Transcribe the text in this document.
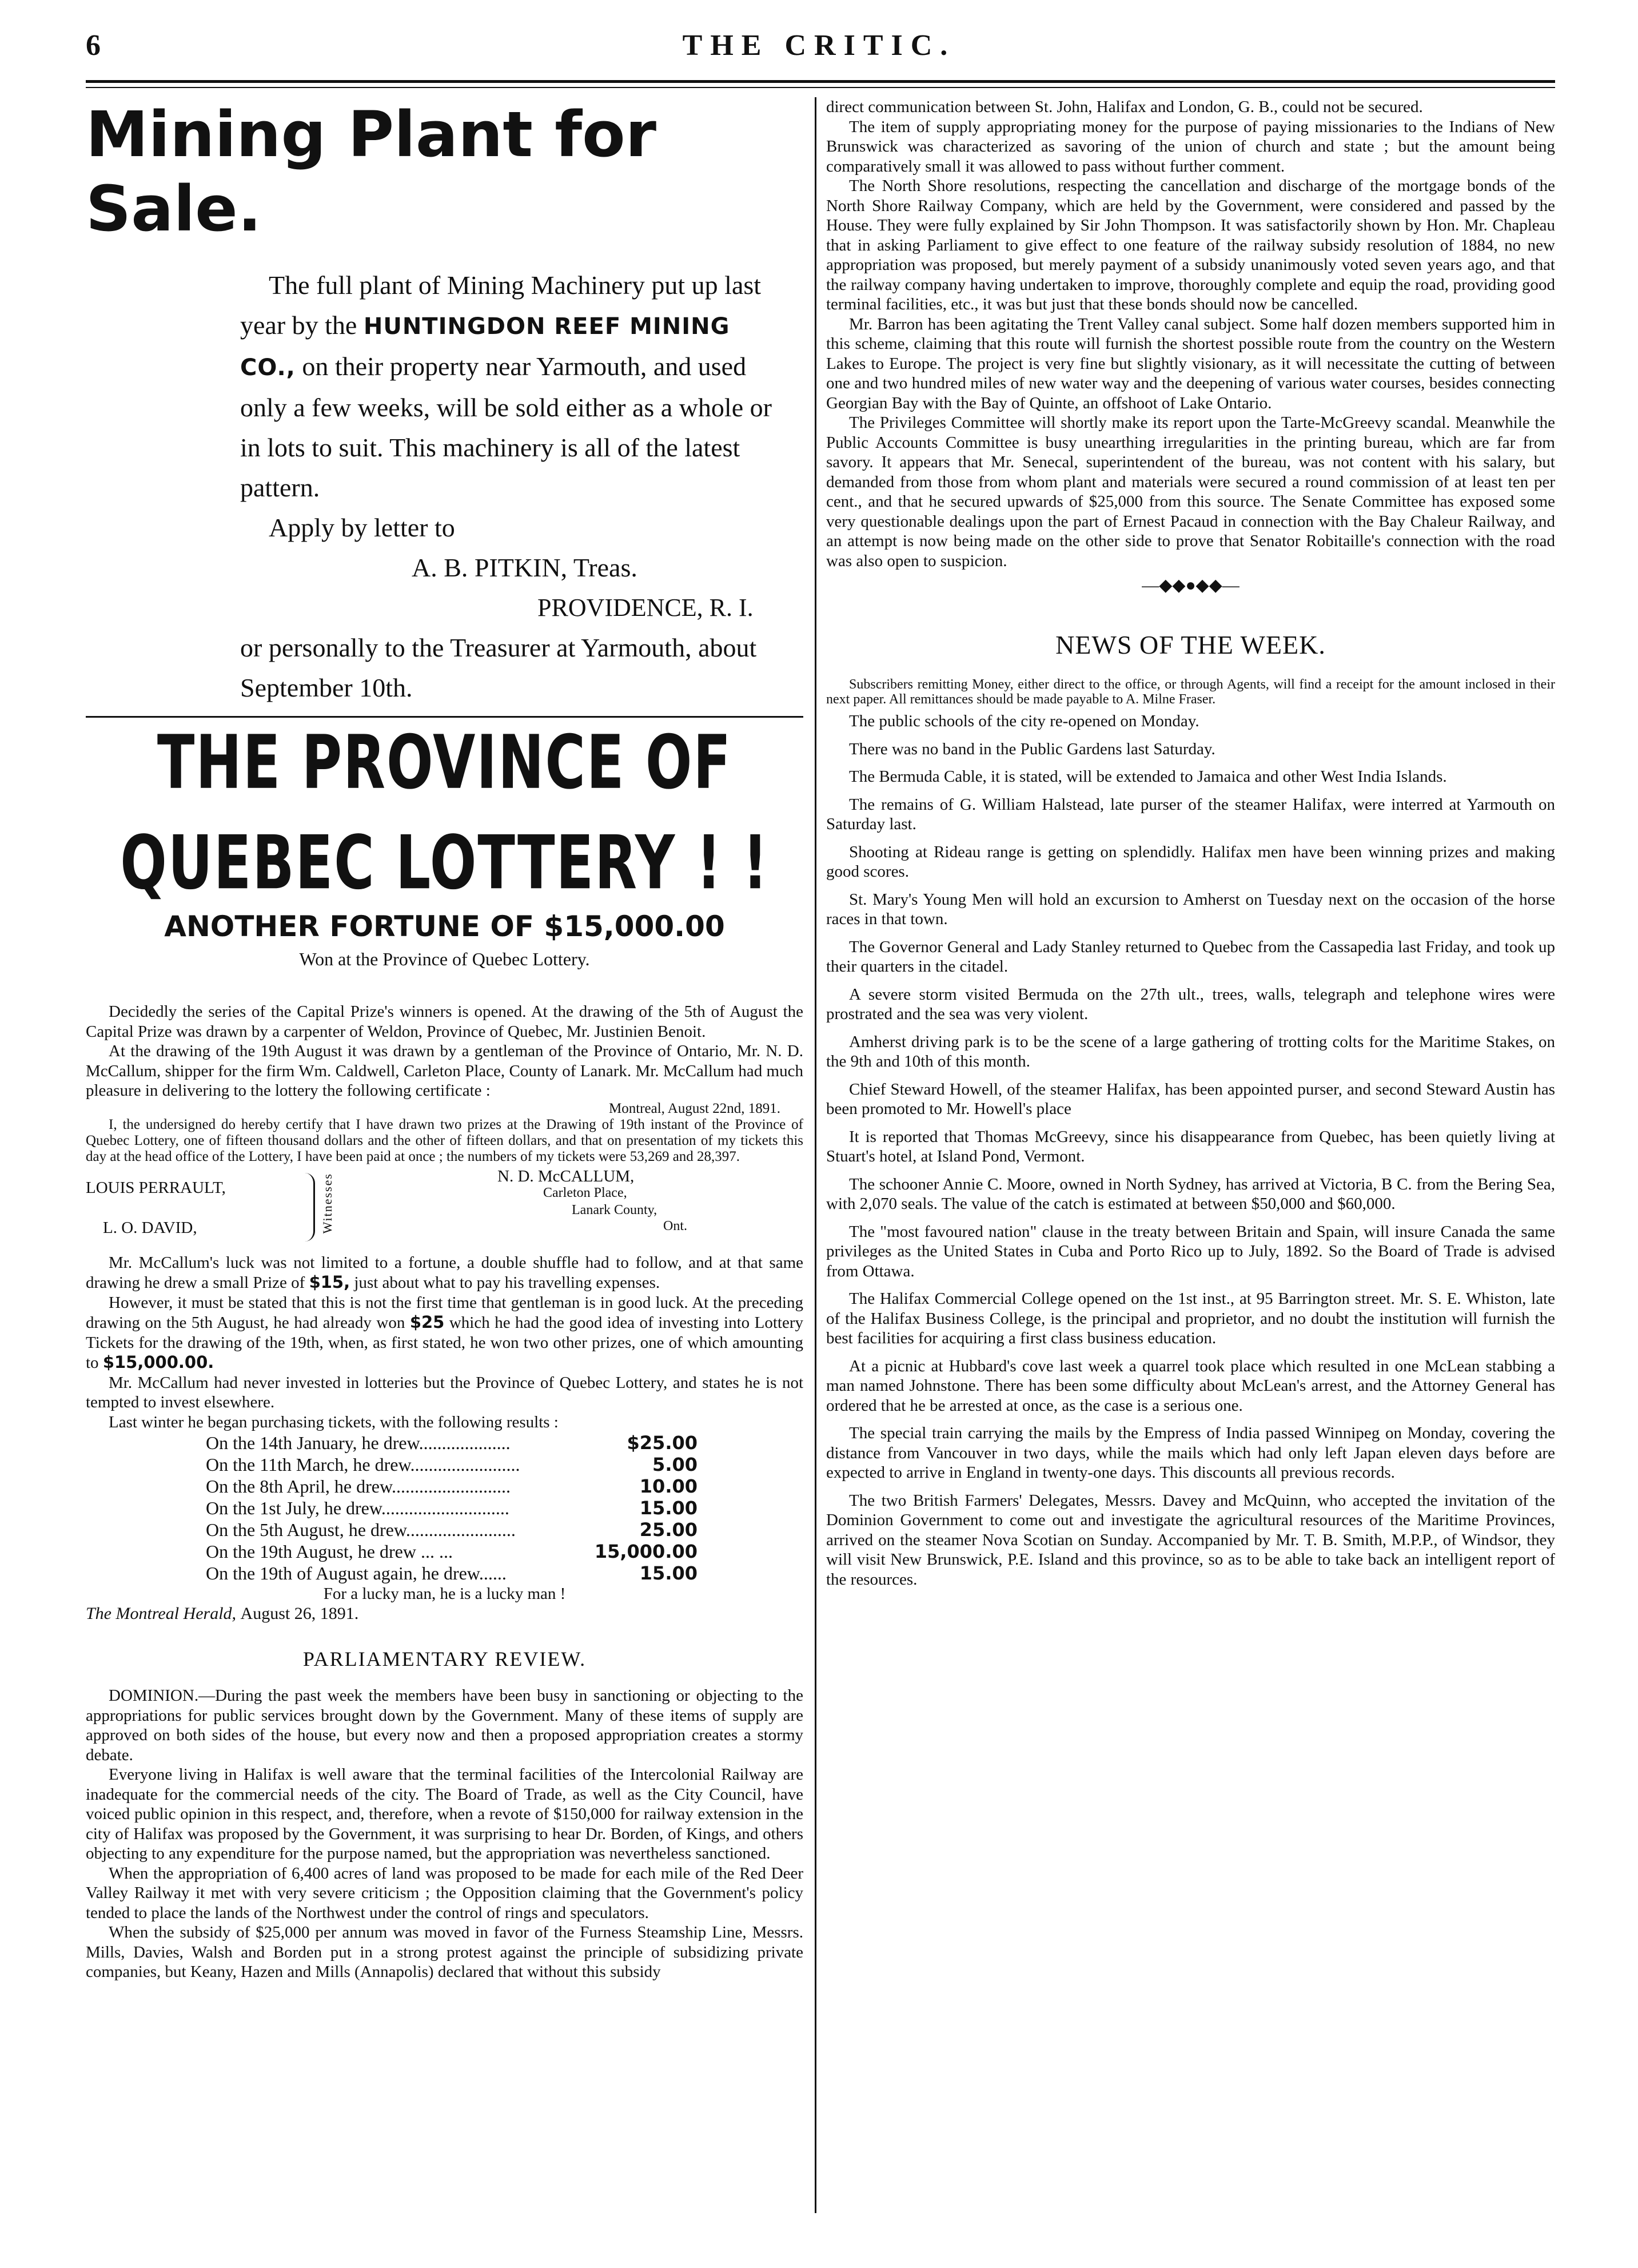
6	THE CRITIC.

Mining Plant for Sale.

The full plant of Mining Machinery put up last year by the HUNTINGDON REEF MINING CO., on their property near Yarmouth, and used only a few weeks, will be sold either as a whole or in lots to suit. This machinery is all of the latest pattern.

Apply by letter to

A. B. PITKIN, Treas.

PROVIDENCE, R. I.

or personally to the Treasurer at Yarmouth, about September 10th.

THE PROVINCE OF QUEBEC LOTTERY ! !

ANOTHER FORTUNE OF $15,000.00

Won at the Province of Quebec Lottery.

Decidedly the series of the Capital Prize's winners is opened. At the drawing of the 5th of August the Capital Prize was drawn by a carpenter of Weldon, Province of Quebec, Mr. Justinien Benoit.

At the drawing of the 19th August it was drawn by a gentleman of the Province of Ontario, Mr. N. D. McCallum, shipper for the firm Wm. Caldwell, Carleton Place, County of Lanark. Mr. McCallum had much pleasure in delivering to the lottery the following certificate :

Montreal, August 22nd, 1891.

I, the undersigned do hereby certify that I have drawn two prizes at the Drawing of 19th instant of the Province of Quebec Lottery, one of fifteen thousand dollars and the other of fifteen dollars, and that on presentation of my tickets this day at the head office of the Lottery, I have been paid at once ; the numbers of my tickets were 53,269 and 28,397.

LOUIS PERRAULT,
L. O. DAVID,	Witnesses	N. D. McCALLUM,
Carleton Place,
Lanark County,
Ont.

Mr. McCallum's luck was not limited to a fortune, a double shuffle had to follow, and at that same drawing he drew a small Prize of $15, just about what to pay his travelling expenses.

However, it must be stated that this is not the first time that gentleman is in good luck. At the preceding drawing on the 5th August, he had already won $25 which he had the good idea of investing into Lottery Tickets for the drawing of the 19th, when, as first stated, he won two other prizes, one of which amounting to $15,000.00.

Mr. McCallum had never invested in lotteries but the Province of Quebec Lottery, and states he is not tempted to invest elsewhere.

Last winter he began purchasing tickets, with the following results :

On the 14th January, he drew....................	$25.00
On the 11th March, he drew........................	5.00
On the 8th April, he drew..........................	10.00
On the 1st July, he drew............................	15.00
On the 5th August, he drew........................	25.00
On the 19th August, he drew ... ...	15,000.00
On the 19th of August again, he drew......	15.00

For a lucky man, he is a lucky man !

The Montreal Herald, August 26, 1891.

PARLIAMENTARY REVIEW.

DOMINION.—During the past week the members have been busy in sanctioning or objecting to the appropriations for public services brought down by the Government. Many of these items of supply are approved on both sides of the house, but every now and then a proposed appropriation creates a stormy debate.

Everyone living in Halifax is well aware that the terminal facilities of the Intercolonial Railway are inadequate for the commercial needs of the city. The Board of Trade, as well as the City Council, have voiced public opinion in this respect, and, therefore, when a revote of $150,000 for railway extension in the city of Halifax was proposed by the Government, it was surprising to hear Dr. Borden, of Kings, and others objecting to any expenditure for the purpose named, but the appropriation was nevertheless sanctioned.

When the appropriation of 6,400 acres of land was proposed to be made for each mile of the Red Deer Valley Railway it met with very severe criticism ; the Opposition claiming that the Government's policy tended to place the lands of the Northwest under the control of rings and speculators.

When the subsidy of $25,000 per annum was moved in favor of the Furness Steamship Line, Messrs. Mills, Davies, Walsh and Borden put in a strong protest against the principle of subsidizing private companies, but Keany, Hazen and Mills (Annapolis) declared that without this subsidy

direct communication between St. John, Halifax and London, G. B., could not be secured.

The item of supply appropriating money for the purpose of paying missionaries to the Indians of New Brunswick was characterized as savoring of the union of church and state ; but the amount being comparatively small it was allowed to pass without further comment.

The North Shore resolutions, respecting the cancellation and discharge of the mortgage bonds of the North Shore Railway Company, which are held by the Government, were considered and passed by the House. They were fully explained by Sir John Thompson. It was satisfactorily shown by Hon. Mr. Chapleau that in asking Parliament to give effect to one feature of the railway subsidy resolution of 1884, no new appropriation was proposed, but merely payment of a subsidy unanimously voted seven years ago, and that the railway company having undertaken to improve, thoroughly complete and equip the road, providing good terminal facilities, etc., it was but just that these bonds should now be cancelled.

Mr. Barron has been agitating the Trent Valley canal subject. Some half dozen members supported him in this scheme, claiming that this route will furnish the shortest possible route from the country on the Western Lakes to Europe. The project is very fine but slightly visionary, as it will necessitate the cutting of between one and two hundred miles of new water way and the deepening of various water courses, besides connecting Georgian Bay with the Bay of Quinte, an offshoot of Lake Ontario.

The Privileges Committee will shortly make its report upon the Tarte-McGreevy scandal. Meanwhile the Public Accounts Committee is busy unearthing irregularities in the printing bureau, which are far from savory. It appears that Mr. Senecal, superintendent of the bureau, was not content with his salary, but demanded from those from whom plant and materials were secured a round commission of at least ten per cent., and that he secured upwards of $25,000 from this source. The Senate Committee has exposed some very questionable dealings upon the part of Ernest Pacaud in connection with the Bay Chaleur Railway, and an attempt is now being made on the other side to prove that Senator Robitaille's connection with the road was also open to suspicion.

—◆◆●◆◆—

NEWS OF THE WEEK.

Subscribers remitting Money, either direct to the office, or through Agents, will find a receipt for the amount inclosed in their next paper. All remittances should be made payable to A. Milne Fraser.

The public schools of the city re-opened on Monday.

There was no band in the Public Gardens last Saturday.

The Bermuda Cable, it is stated, will be extended to Jamaica and other West India Islands.

The remains of G. William Halstead, late purser of the steamer Halifax, were interred at Yarmouth on Saturday last.

Shooting at Rideau range is getting on splendidly. Halifax men have been winning prizes and making good scores.

St. Mary's Young Men will hold an excursion to Amherst on Tuesday next on the occasion of the horse races in that town.

The Governor General and Lady Stanley returned to Quebec from the Cassapedia last Friday, and took up their quarters in the citadel.

A severe storm visited Bermuda on the 27th ult., trees, walls, telegraph and telephone wires were prostrated and the sea was very violent.

Amherst driving park is to be the scene of a large gathering of trotting colts for the Maritime Stakes, on the 9th and 10th of this month.

Chief Steward Howell, of the steamer Halifax, has been appointed purser, and second Steward Austin has been promoted to Mr. Howell's place

It is reported that Thomas McGreevy, since his disappearance from Quebec, has been quietly living at Stuart's hotel, at Island Pond, Vermont.

The schooner Annie C. Moore, owned in North Sydney, has arrived at Victoria, B C. from the Bering Sea, with 2,070 seals. The value of the catch is estimated at between $50,000 and $60,000.

The "most favoured nation" clause in the treaty between Britain and Spain, will insure Canada the same privileges as the United States in Cuba and Porto Rico up to July, 1892. So the Board of Trade is advised from Ottawa.

The Halifax Commercial College opened on the 1st inst., at 95 Barrington street. Mr. S. E. Whiston, late of the Halifax Business College, is the principal and proprietor, and no doubt the institution will furnish the best facilities for acquiring a first class business education.

At a picnic at Hubbard's cove last week a quarrel took place which resulted in one McLean stabbing a man named Johnstone. There has been some difficulty about McLean's arrest, and the Attorney General has ordered that he be arrested at once, as the case is a serious one.

The special train carrying the mails by the Empress of India passed Winnipeg on Monday, covering the distance from Vancouver in two days, while the mails which had only left Japan eleven days before are expected to arrive in England in twenty-one days. This discounts all previous records.

The two British Farmers' Delegates, Messrs. Davey and McQuinn, who accepted the invitation of the Dominion Government to come out and investigate the agricultural resources of the Maritime Provinces, arrived on the steamer Nova Scotian on Sunday. Accompanied by Mr. T. B. Smith, M.P.P., of Windsor, they will visit New Brunswick, P.E. Island and this province, so as to be able to take back an intelligent report of the resources.
